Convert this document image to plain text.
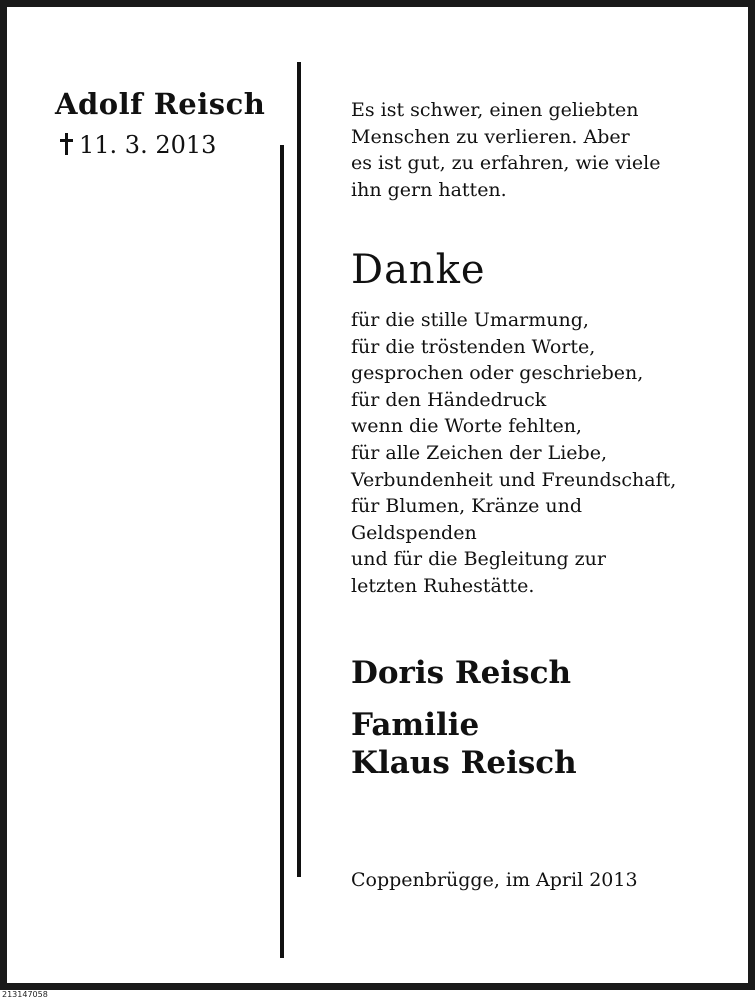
Adolf Reisch
11. 3. 2013
Es ist schwer, einen geliebten
Menschen zu verlieren. Aber
es ist gut, zu erfahren, wie viele
ihn gern hatten.
Danke
für die stille Umarmung,
für die tröstenden Worte,
gesprochen oder geschrieben,
für den Händedruck
wenn die Worte fehlten,
für alle Zeichen der Liebe,
Verbundenheit und Freundschaft,
für Blumen, Kränze und
Geldspenden
und für die Begleitung zur
letzten Ruhestätte.
Doris Reisch
Familie
Klaus Reisch
Coppenbrügge, im April 2013
213147058
